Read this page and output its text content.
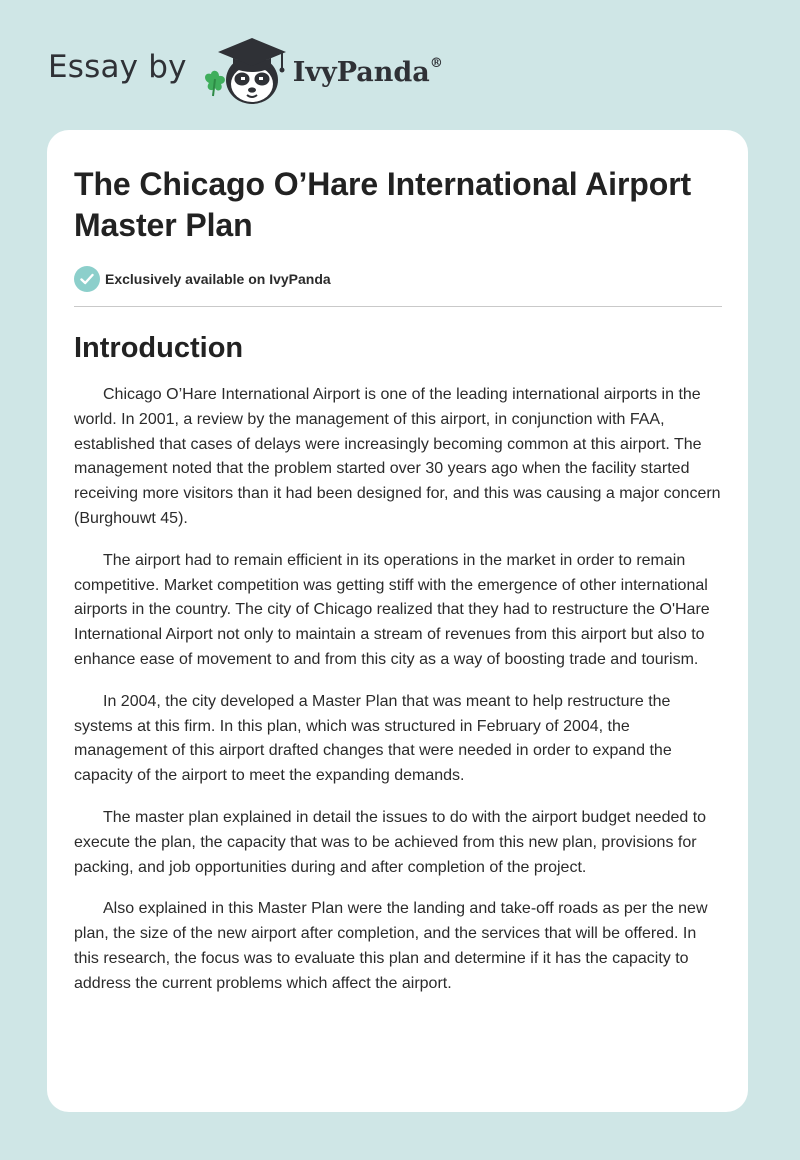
Essay by	IvyPanda®
The Chicago O’Hare International Airport Master Plan
Exclusively available on IvyPanda
Introduction

Chicago O’Hare International Airport is one of the leading international airports in the world. In 2001, a review by the management of this airport, in conjunction with FAA, established that cases of delays were increasingly becoming common at this airport. The management noted that the problem started over 30 years ago when the facility started receiving more visitors than it had been designed for, and this was causing a major concern (Burghouwt 45).

The airport had to remain efficient in its operations in the market in order to remain competitive. Market competition was getting stiff with the emergence of other international airports in the country. The city of Chicago realized that they had to restructure the O'Hare International Airport not only to maintain a stream of revenues from this airport but also to enhance ease of movement to and from this city as a way of boosting trade and tourism.

In 2004, the city developed a Master Plan that was meant to help restructure the systems at this firm. In this plan, which was structured in February of 2004, the management of this airport drafted changes that were needed in order to expand the capacity of the airport to meet the expanding demands.

The master plan explained in detail the issues to do with the airport budget needed to execute the plan, the capacity that was to be achieved from this new plan, provisions for packing, and job opportunities during and after completion of the project.

Also explained in this Master Plan were the landing and take-off roads as per the new plan, the size of the new airport after completion, and the services that will be offered. In this research, the focus was to evaluate this plan and determine if it has the capacity to address the current problems which affect the airport.
